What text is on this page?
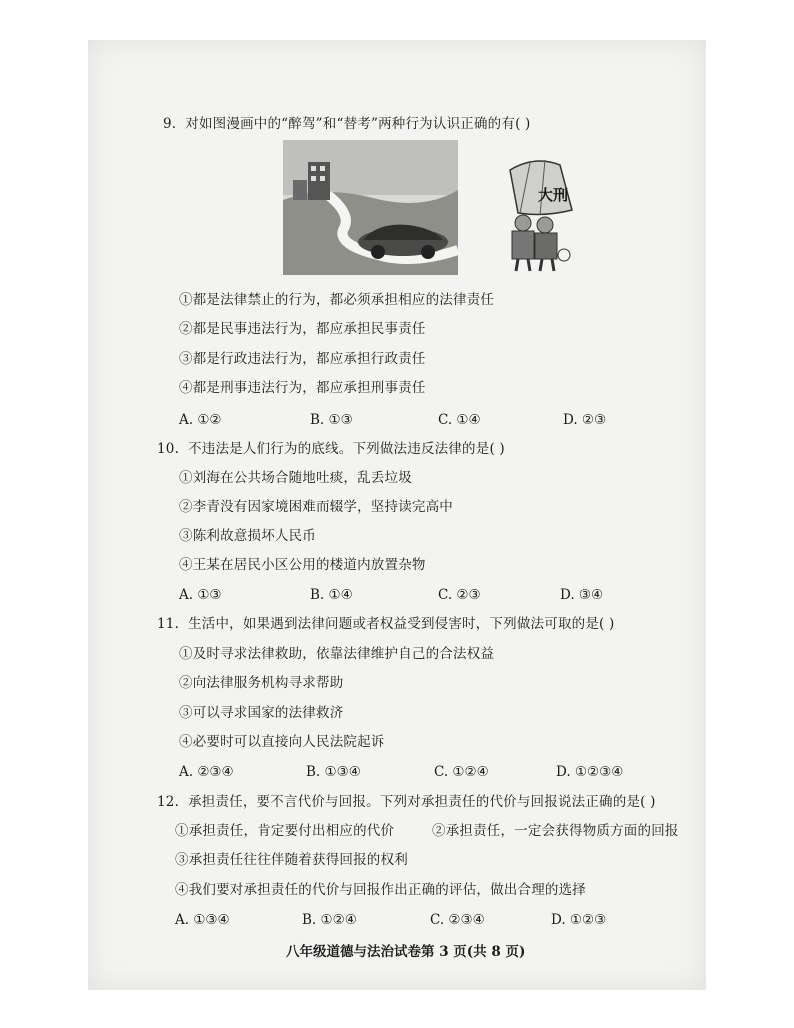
9. 对如图漫画中的“醉驾”和“替考”两种行为认识正确的有( )
大刑
①都是法律禁止的行为，都必须承担相应的法律责任
②都是民事违法行为，都应承担民事责任
③都是行政违法行为，都应承担行政责任
④都是刑事违法行为，都应承担刑事责任
A. ①②	B. ①③	C. ①④	D. ②③
10. 不违法是人们行为的底线。下列做法违反法律的是( )
①刘海在公共场合随地吐痰，乱丢垃圾
②李青没有因家境困难而辍学，坚持读完高中
③陈利故意损坏人民币
④王某在居民小区公用的楼道内放置杂物
A. ①③	B. ①④	C. ②③	D. ③④
11. 生活中，如果遇到法律问题或者权益受到侵害时，下列做法可取的是( )
①及时寻求法律救助，依靠法律维护自己的合法权益
②向法律服务机构寻求帮助
③可以寻求国家的法律救济
④必要时可以直接向人民法院起诉
A. ②③④	B. ①③④	C. ①②④	D. ①②③④
12. 承担责任，要不言代价与回报。下列对承担责任的代价与回报说法正确的是( )
①承担责任，肯定要付出相应的代价	②承担责任，一定会获得物质方面的回报
③承担责任往往伴随着获得回报的权利
④我们要对承担责任的代价与回报作出正确的评估，做出合理的选择
A. ①③④	B. ①②④	C. ②③④	D. ①②③
八年级道德与法治试卷第 3 页(共 8 页)
